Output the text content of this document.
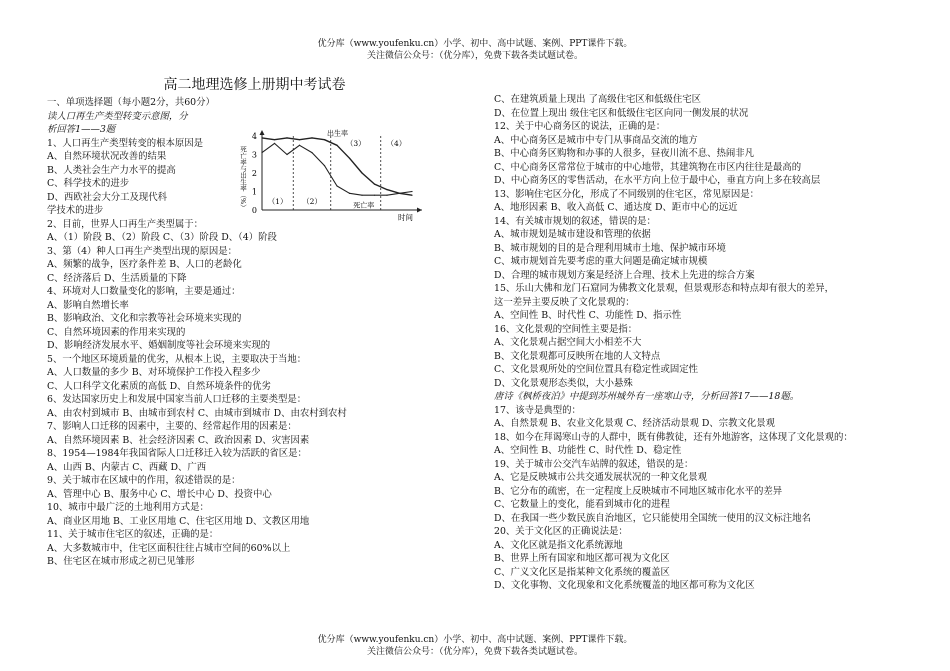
优分库（www.youfenku.cn）小学、初中、高中试题、案例、PPT课件下载。
关注微信公众号：（优分库），免费下载各类试题试卷。
高二地理选修上册期中考试卷
一、单项选择题（每小题2分，共60分）
读人口再生产类型转变示意图，分
析回答1——3题
1、人口再生产类型转变的根本原因是
A、自然环境状况改善的结果
B、人类社会生产力水平的提高
C、科学技术的进步
D、西欧社会大分工及现代科
学技术的进步
2、目前，世界人口再生产类型属于：
A、（1）阶段 B、（2）阶段 C、（3）阶段 D、（4）阶段
3、第（4）种人口再生产类型出现的原因是：
A、频繁的战争，医疗条件差 B、人口的老龄化
C、经济落后 D、生活质量的下降
4、环境对人口数量变化的影响，主要是通过：
A、影响自然增长率
B、影响政治、文化和宗教等社会环境来实现的
C、自然环境因素的作用来实现的
D、影响经济发展水平、婚姻制度等社会环境来实现的
5、一个地区环境质量的优劣，从根本上说，主要取决于当地：
A、人口数量的多少 B、对环境保护工作投入程多少
C、人口科学文化素质的高低 D、自然环境条件的优劣
6、发达国家历史上和发展中国家当前人口迁移的主要类型是：
A、由农村到城市 B、由城市到农村 C、由城市到城市 D、由农村到农村
7、影响人口迁移的因素中，主要的、经常起作用的因素是：
A、自然环境因素 B、社会经济因素 C、政治因素 D、灾害因素
8、1954—1984年我国省际人口迁移迁入较为活跃的省区是：
A、山西 B、内蒙古 C、西藏 D、广西
9、关于城市在区域中的作用，叙述错误的是：
A、管理中心 B、服务中心 C、增长中心 D、投资中心
10、城市中最广泛的土地利用方式是：
A、商业区用地 B、工业区用地 C、住宅区用地 D、文教区用地
11、关于城市住宅区的叙述，正确的是：
A、大多数城市中，住宅区面积往往占城市空间的60%以上
B、住宅区在城市形成之初已见雏形
C、在建筑质量上现出 了高级住宅区和低级住宅区
D、在位置上现出 级住宅区和低级住宅区向同一侧发展的状况
12、关于中心商务区的说法，正确的是：
A、中心商务区是城市中专门从事商品交流的地方
B、中心商务区购物和办事的人很多，昼夜川流不息、热闹非凡
C、中心商务区常常位于城市的中心地带，其建筑物在市区内往往是最高的
D、中心商务区的零售活动，在水平方向上位于最中心，垂直方向上多在较高层
13、影响住宅区分化，形成了不同级别的住宅区，常见原因是：
A、地形因素 B、收入高低 C、通达度 D、距市中心的远近
14、有关城市规划的叙述，错误的是：
A、城市规划是城市建设和管理的依据
B、城市规划的目的是合理利用城市土地、保护城市环境
C、城市规划首先要考虑的重大问题是确定城市规模
D、合理的城市规划方案是经济上合理、技术上先进的综合方案
15、乐山大佛和龙门石窟同为佛教文化景观，但景观形态和特点却有很大的差异，
这一差异主要反映了文化景观的：
A、空间性 B、时代性 C、功能性 D、指示性
16、文化景观的空间性主要是指：
A、文化景观占据空间大小相差不大
B、文化景观都可反映所在地的人文特点
C、文化景观所处的空间位置具有稳定性或固定性
D、文化景观形态类似，大小悬殊
唐诗《枫桥夜泊》中提到苏州城外有一座寒山寺，分析回答17——18题。
17、该寺是典型的：
A、自然景观 B、农业文化景观 C、经济活动景观 D、宗教文化景观
18、如今在拜谒寒山寺的人群中，既有佛教徒，还有外地游客，这体现了文化景观的：
A、空间性 B、功能性 C、时代性 D、稳定性
19、关于城市公交汽车站牌的叙述，错误的是：
A、它是反映城市公共交通发展状况的一种文化景观
B、它分布的疏密，在一定程度上反映城市不同地区城市化水平的差异
C、它数量上的变化，能看到城市化的进程
D、在我国一些少数民族自治地区，它只能使用全国统一使用的汉文标注地名
20、关于文化区的正确说法是：
A、文化区就是指文化系统源地
B、世界上所有国家和地区都可视为文化区
C、广义文化区是指某种文化系统的覆盖区
D、文化事物、文化现象和文化系统覆盖的地区都可称为文化区
4
3
2
1
0
死亡率与出生率（%）
时间
（1） （2）
（3）	（4）
出生率
死亡率
优分库（www.youfenku.cn）小学、初中、高中试题、案例、PPT课件下载。
关注微信公众号：（优分库），免费下载各类试题试卷。
